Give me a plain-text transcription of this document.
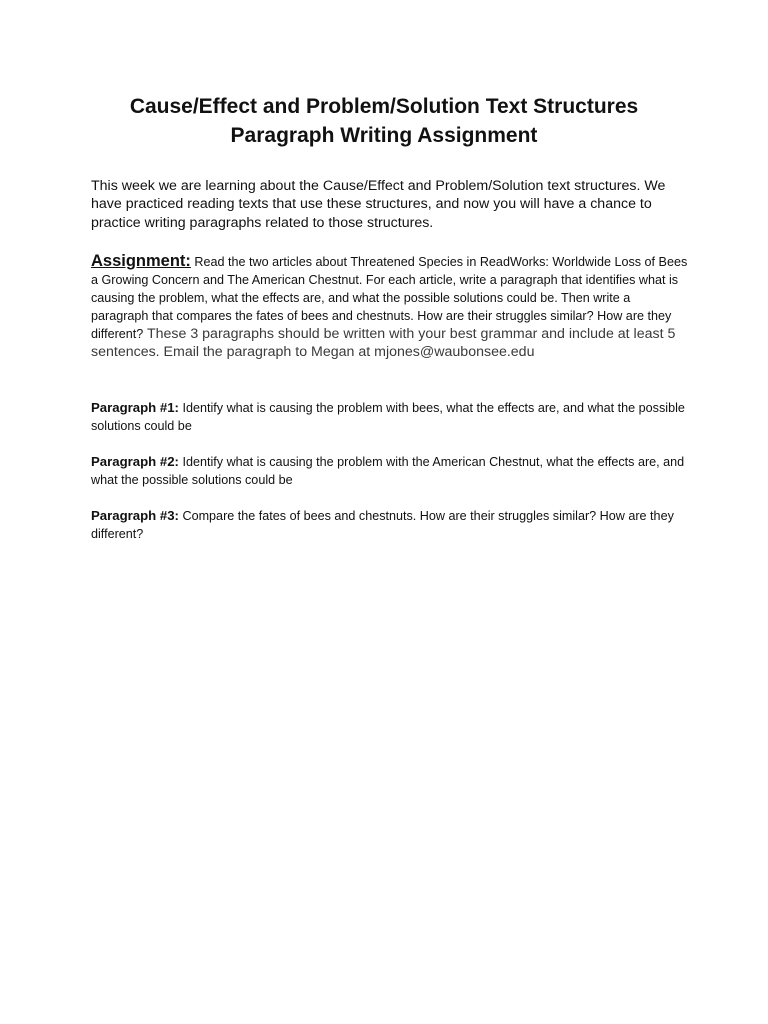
Cause/Effect and Problem/Solution Text Structures
Paragraph Writing Assignment

This week we are learning about the Cause/Effect and Problem/Solution text structures. We have practiced reading texts that use these structures, and now you will have a chance to practice writing paragraphs related to those structures.

Assignment: Read the two articles about Threatened Species in ReadWorks: Worldwide Loss of Bees a Growing Concern and The American Chestnut. For each article, write a paragraph that identifies what is causing the problem, what the effects are, and what the possible solutions could be. Then write a paragraph that compares the fates of bees and chestnuts. How are their struggles similar? How are they different? These 3 paragraphs should be written with your best grammar and include at least 5 sentences. Email the paragraph to Megan at mjones@waubonsee.edu

Paragraph #1: Identify what is causing the problem with bees, what the effects are, and what the possible solutions could be

Paragraph #2: Identify what is causing the problem with the American Chestnut, what the effects are, and what the possible solutions could be

Paragraph #3: Compare the fates of bees and chestnuts. How are their struggles similar? How are they different?
